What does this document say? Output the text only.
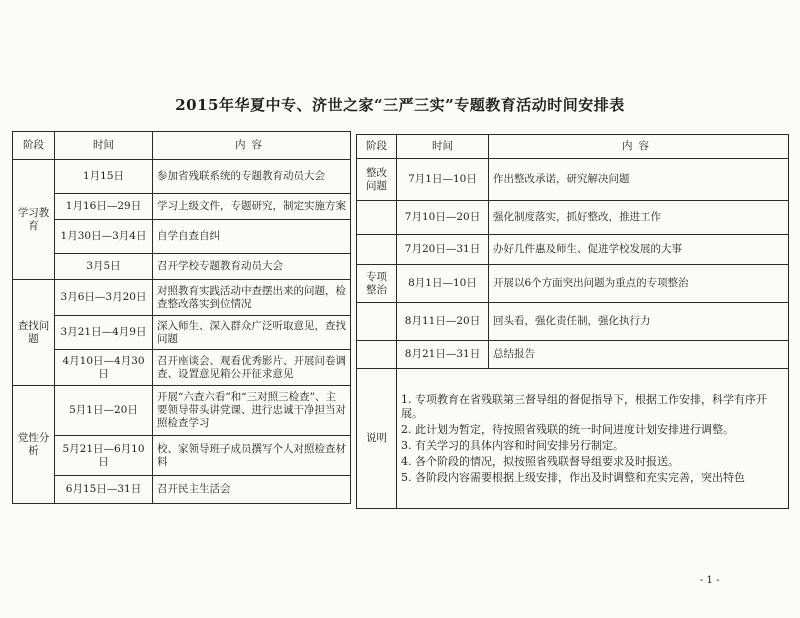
2015年华夏中专、济世之家“三严三实”专题教育活动时间安排表
阶段	时间	内容
学习教育	1月15日	参加省残联系统的专题教育动员大会
	1月16日—29日	学习上级文件，专题研究，制定实施方案
	1月30日—3月4日	自学自查自纠
	3月5日	召开学校专题教育动员大会
查找问题	3月6日—3月20日	对照教育实践活动中查摆出来的问题，检查整改落实到位情况
	3月21日—4月9日	深入师生、深入群众广泛听取意见，查找问题
	4月10日—4月30日	召开座谈会、观看优秀影片、开展问卷调查、设置意见箱公开征求意见
党性分析	5月1日—20日	开展“六查六看”和“三对照三检查”、主要领导带头讲党课、进行忠诚干净担当对照检查学习
	5月21日—6月10日	校、家领导班子成员撰写个人对照检查材料
	6月15日—31日	召开民主生活会
阶段	时间	内容
整改问题	7月1日—10日	作出整改承诺，研究解决问题
	7月10日—20日	强化制度落实，抓好整改，推进工作
	7月20日—31日	办好几件惠及师生、促进学校发展的大事
专项整治	8月1日—10日	开展以6个方面突出问题为重点的专项整治
	8月11日—20日	回头看，强化责任制，强化执行力
	8月21日—31日	总结报告
说明	1. 专项教育在省残联第三督导组的督促指导下，根据工作安排，科学有序开展。

2. 此计划为暂定，待按照省残联的统一时间进度计划安排进行调整。

3. 有关学习的具体内容和时间安排另行制定。

4. 各个阶段的情况，拟按照省残联督导组要求及时报送。

5. 各阶段内容需要根据上级安排，作出及时调整和充实完善，突出特色	

- 1 -
